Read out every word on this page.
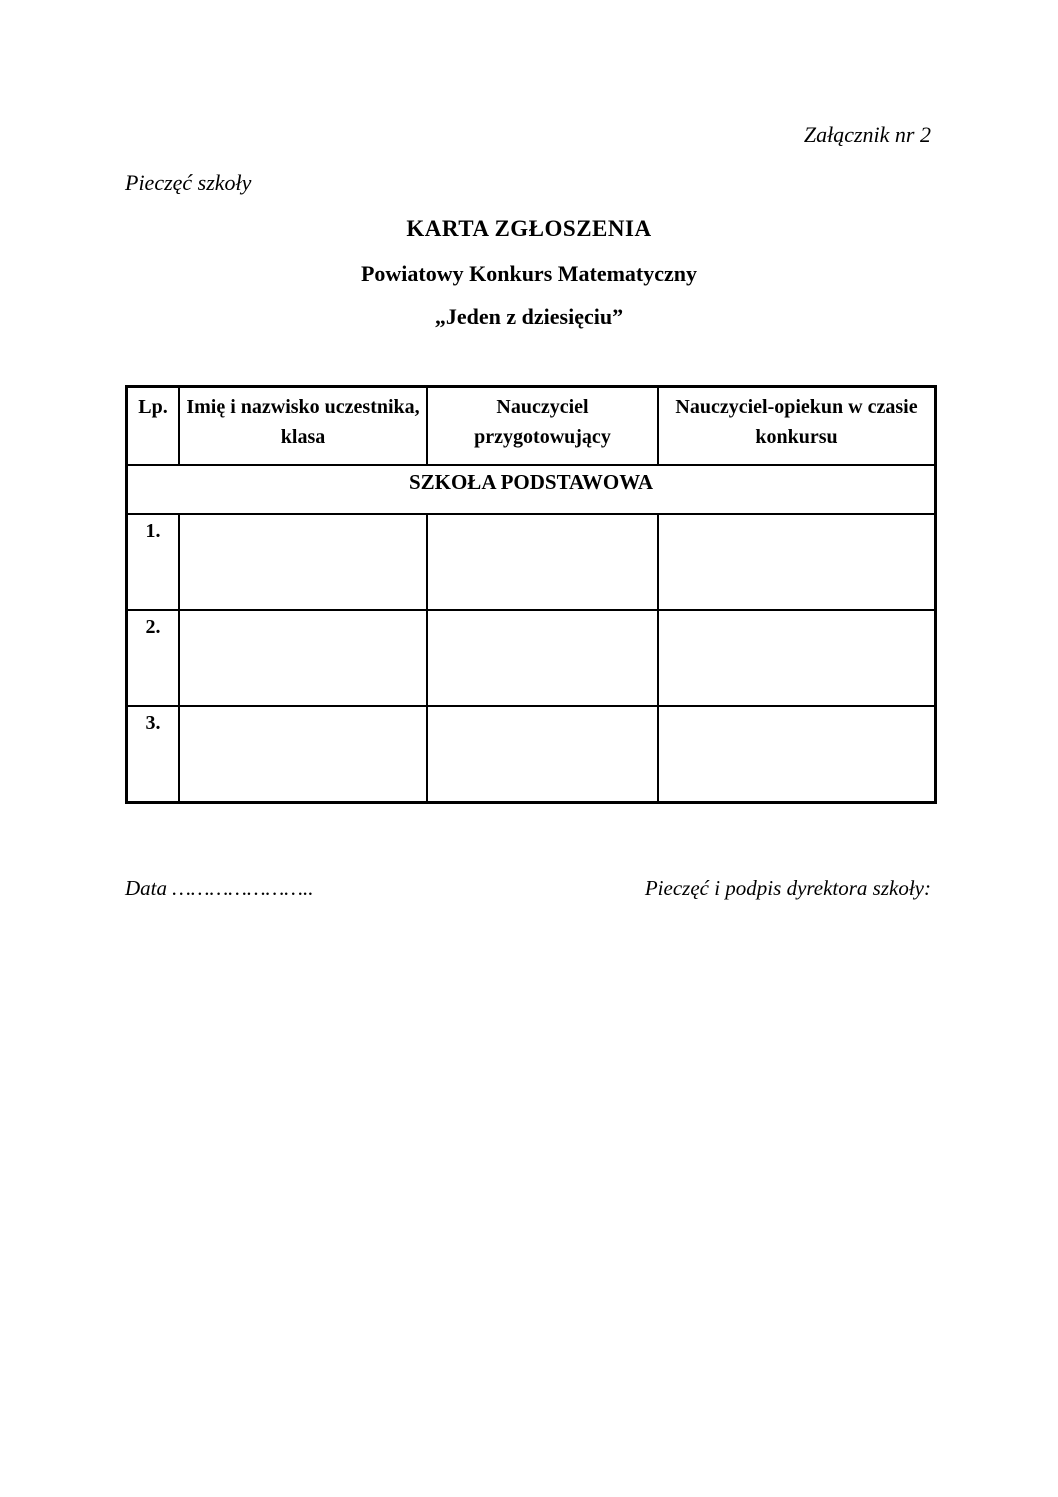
Załącznik nr 2
Pieczęć szkoły
KARTA ZGŁOSZENIA
Powiatowy Konkurs Matematyczny
„Jeden z dziesięciu”
Lp.	Imię i nazwisko uczestnika, klasa	Nauczyciel przygotowujący	Nauczyciel-opiekun w czasie konkursu
SZKOŁA PODSTAWOWA			
1.			
2.			
3.			
Data …………………..	Pieczęć i podpis dyrektora szkoły:
